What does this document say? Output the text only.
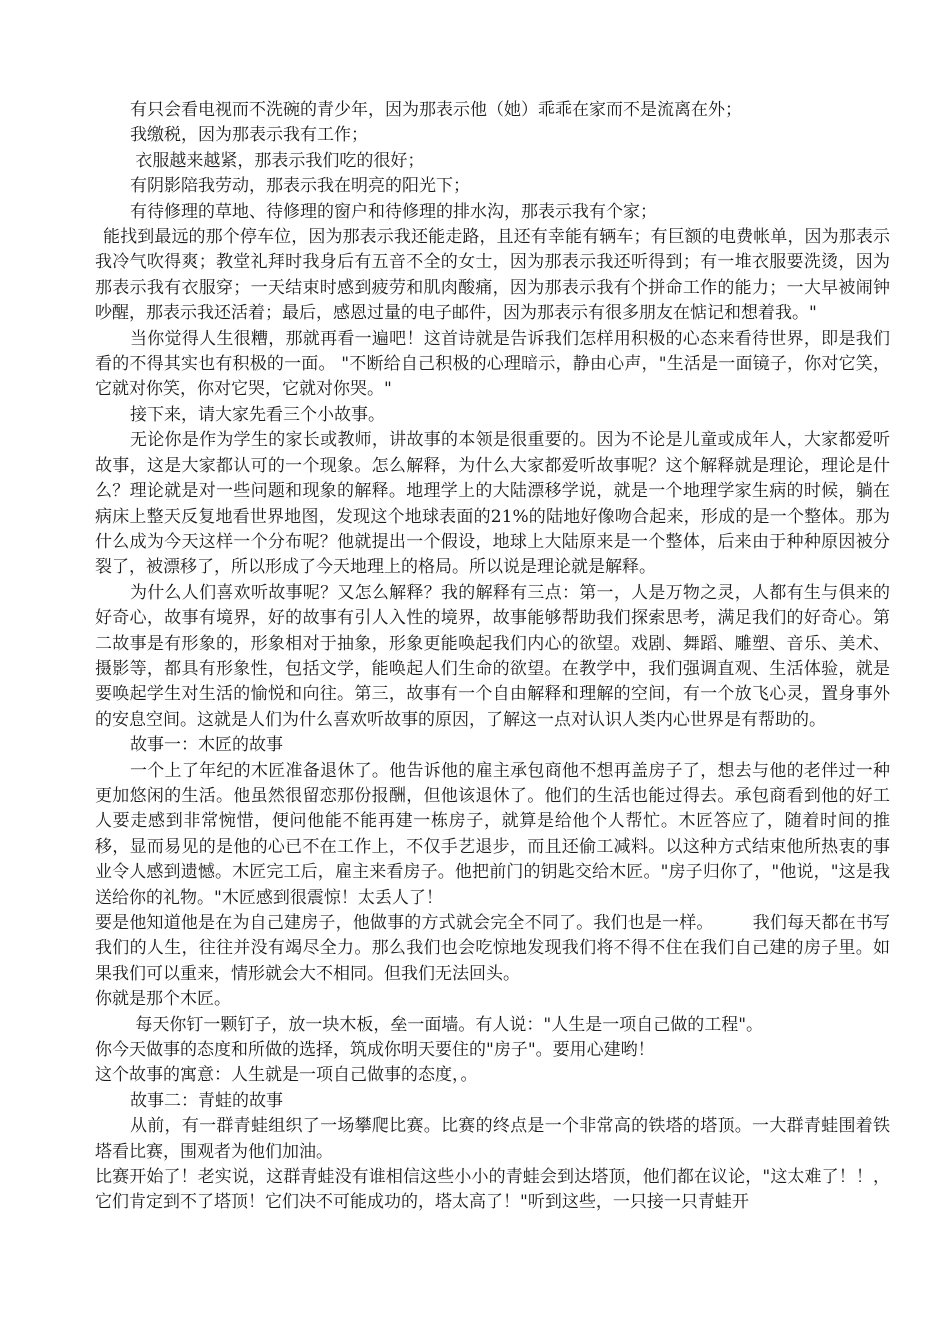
有只会看电视而不洗碗的青少年，因为那表示他（她）乖乖在家而不是流离在外；

我缴税，因为那表示我有工作；

衣服越来越紧，那表示我们吃的很好；

有阴影陪我劳动，那表示我在明亮的阳光下；

有待修理的草地、待修理的窗户和待修理的排水沟，那表示我有个家；

能找到最远的那个停车位，因为那表示我还能走路，且还有幸能有辆车；有巨额的电费帐单，因为那表示我冷气吹得爽；教堂礼拜时我身后有五音不全的女士，因为那表示我还听得到；有一堆衣服要洗烫，因为那表示我有衣服穿；一天结束时感到疲劳和肌肉酸痛，因为那表示我有个拼命工作的能力；一大早被闹钟吵醒，那表示我还活着；最后，感恩过量的电子邮件，因为那表示有很多朋友在惦记和想着我。"

当你觉得人生很糟，那就再看一遍吧！这首诗就是告诉我们怎样用积极的心态来看待世界，即是我们看的不得其实也有积极的一面。 "不断给自己积极的心理暗示，静由心声，"生活是一面镜子，你对它笑，它就对你笑，你对它哭，它就对你哭。"

接下来，请大家先看三个小故事。

无论你是作为学生的家长或教师，讲故事的本领是很重要的。因为不论是儿童或成年人，大家都爱听故事，这是大家都认可的一个现象。怎么解释，为什么大家都爱听故事呢？这个解释就是理论，理论是什么？理论就是对一些问题和现象的解释。地理学上的大陆漂移学说，就是一个地理学家生病的时候，躺在病床上整天反复地看世界地图，发现这个地球表面的21%的陆地好像吻合起来，形成的是一个整体。那为什么成为今天这样一个分布呢？他就提出一个假设，地球上大陆原来是一个整体，后来由于种种原因被分裂了，被漂移了，所以形成了今天地理上的格局。所以说是理论就是解释。

为什么人们喜欢听故事呢？又怎么解释？我的解释有三点：第一，人是万物之灵，人都有生与俱来的好奇心，故事有境界，好的故事有引人入性的境界，故事能够帮助我们探索思考，满足我们的好奇心。第二故事是有形象的，形象相对于抽象，形象更能唤起我们内心的欲望。戏剧、舞蹈、雕塑、音乐、美术、摄影等，都具有形象性，包括文学，能唤起人们生命的欲望。在教学中，我们强调直观、生活体验，就是要唤起学生对生活的愉悦和向往。第三，故事有一个自由解释和理解的空间，有一个放飞心灵，置身事外的安息空间。这就是人们为什么喜欢听故事的原因，了解这一点对认识人类内心世界是有帮助的。

故事一：木匠的故事

一个上了年纪的木匠准备退休了。他告诉他的雇主承包商他不想再盖房子了，想去与他的老伴过一种更加悠闲的生活。他虽然很留恋那份报酬，但他该退休了。他们的生活也能过得去。承包商看到他的好工人要走感到非常惋惜，便问他能不能再建一栋房子，就算是给他个人帮忙。木匠答应了，随着时间的推移，显而易见的是他的心已不在工作上，不仅手艺退步，而且还偷工减料。以这种方式结束他所热衷的事业令人感到遗憾。木匠完工后，雇主来看房子。他把前门的钥匙交给木匠。"房子归你了，"他说，"这是我送给你的礼物。"木匠感到很震惊！太丢人了！

要是他知道他是在为自己建房子，他做事的方式就会完全不同了。我们也是一样。       我们每天都在书写我们的人生，往往并没有竭尽全力。那么我们也会吃惊地发现我们将不得不住在我们自己建的房子里。如果我们可以重来，情形就会大不相同。但我们无法回头。

你就是那个木匠。

每天你钉一颗钉子，放一块木板，垒一面墙。有人说："人生是一项自己做的工程"。

你今天做事的态度和所做的选择，筑成你明天要住的"房子"。要用心建哟！

这个故事的寓意：人生就是一项自己做事的态度，。

故事二：青蛙的故事

从前，有一群青蛙组织了一场攀爬比赛。比赛的终点是一个非常高的铁塔的塔顶。一大群青蛙围着铁塔看比赛，围观者为他们加油。

比赛开始了！老实说，这群青蛙没有谁相信这些小小的青蛙会到达塔顶，他们都在议论，"这太难了！！，它们肯定到不了塔顶！它们决不可能成功的，塔太高了！"听到这些，一只接一只青蛙开
